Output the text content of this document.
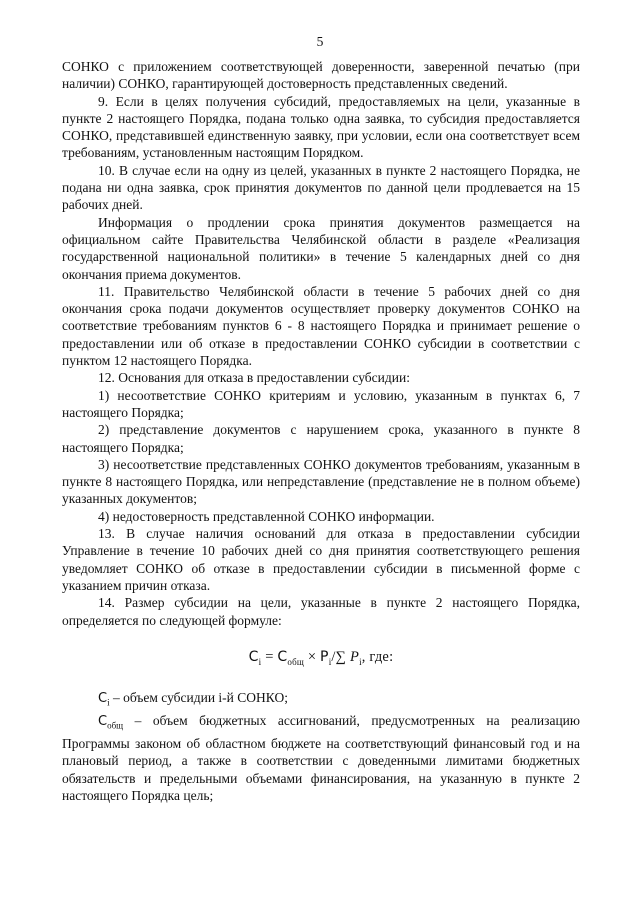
5

СОНКО с приложением соответствующей доверенности, заверенной печатью (при наличии) СОНКО, гарантирующей достоверность представленных сведений.

9. Если в целях получения субсидий, предоставляемых на цели, указанные в пункте 2 настоящего Порядка, подана только одна заявка, то субсидия предоставляется СОНКО, представившей единственную заявку, при условии, если она соответствует всем требованиям, установленным настоящим Порядком.

10. В случае если на одну из целей, указанных в пункте 2 настоящего Порядка, не подана ни одна заявка, срок принятия документов по данной цели продлевается на 15 рабочих дней.

Информация о продлении срока принятия документов размещается на официальном сайте Правительства Челябинской области в разделе «Реализация государственной национальной политики» в течение 5 календарных дней со дня окончания приема документов.

11. Правительство Челябинской области в течение 5 рабочих дней со дня окончания срока подачи документов осуществляет проверку документов СОНКО на соответствие требованиям пунктов 6 - 8 настоящего Порядка и принимает решение о предоставлении или об отказе в предоставлении СОНКО субсидии в соответствии с пунктом 12 настоящего Порядка.

12. Основания для отказа в предоставлении субсидии:

1) несоответствие СОНКО критериям и условию, указанным в пунктах 6, 7 настоящего Порядка;

2) представление документов с нарушением срока, указанного в пункте 8 настоящего Порядка;

3) несоответствие представленных СОНКО документов требованиям, указанным в пункте 8 настоящего Порядка, или непредставление (представление не в полном объеме) указанных документов;

4) недостоверность представленной СОНКО информации.

13. В случае наличия оснований для отказа в предоставлении субсидии Управление в течение 10 рабочих дней со дня принятия соответствующего решения уведомляет СОНКО об отказе в предоставлении субсидии в письменной форме с указанием причин отказа.

14. Размер субсидии на цели, указанные в пункте 2 настоящего Порядка, определяется по следующей формуле:

$С_i = С_{общ} \times P_i/\sum$ $P_i$, где:

$С_i$ – объем субсидии i-й СОНКО;

$С_{общ}$ – объем бюджетных ассигнований, предусмотренных на реализацию Программы законом об областном бюджете на соответствующий финансовый год и на плановый период, а также в соответствии с доведенными лимитами бюджетных обязательств и предельными объемами финансирования, на указанную в пункте 2 настоящего Порядка цель;
